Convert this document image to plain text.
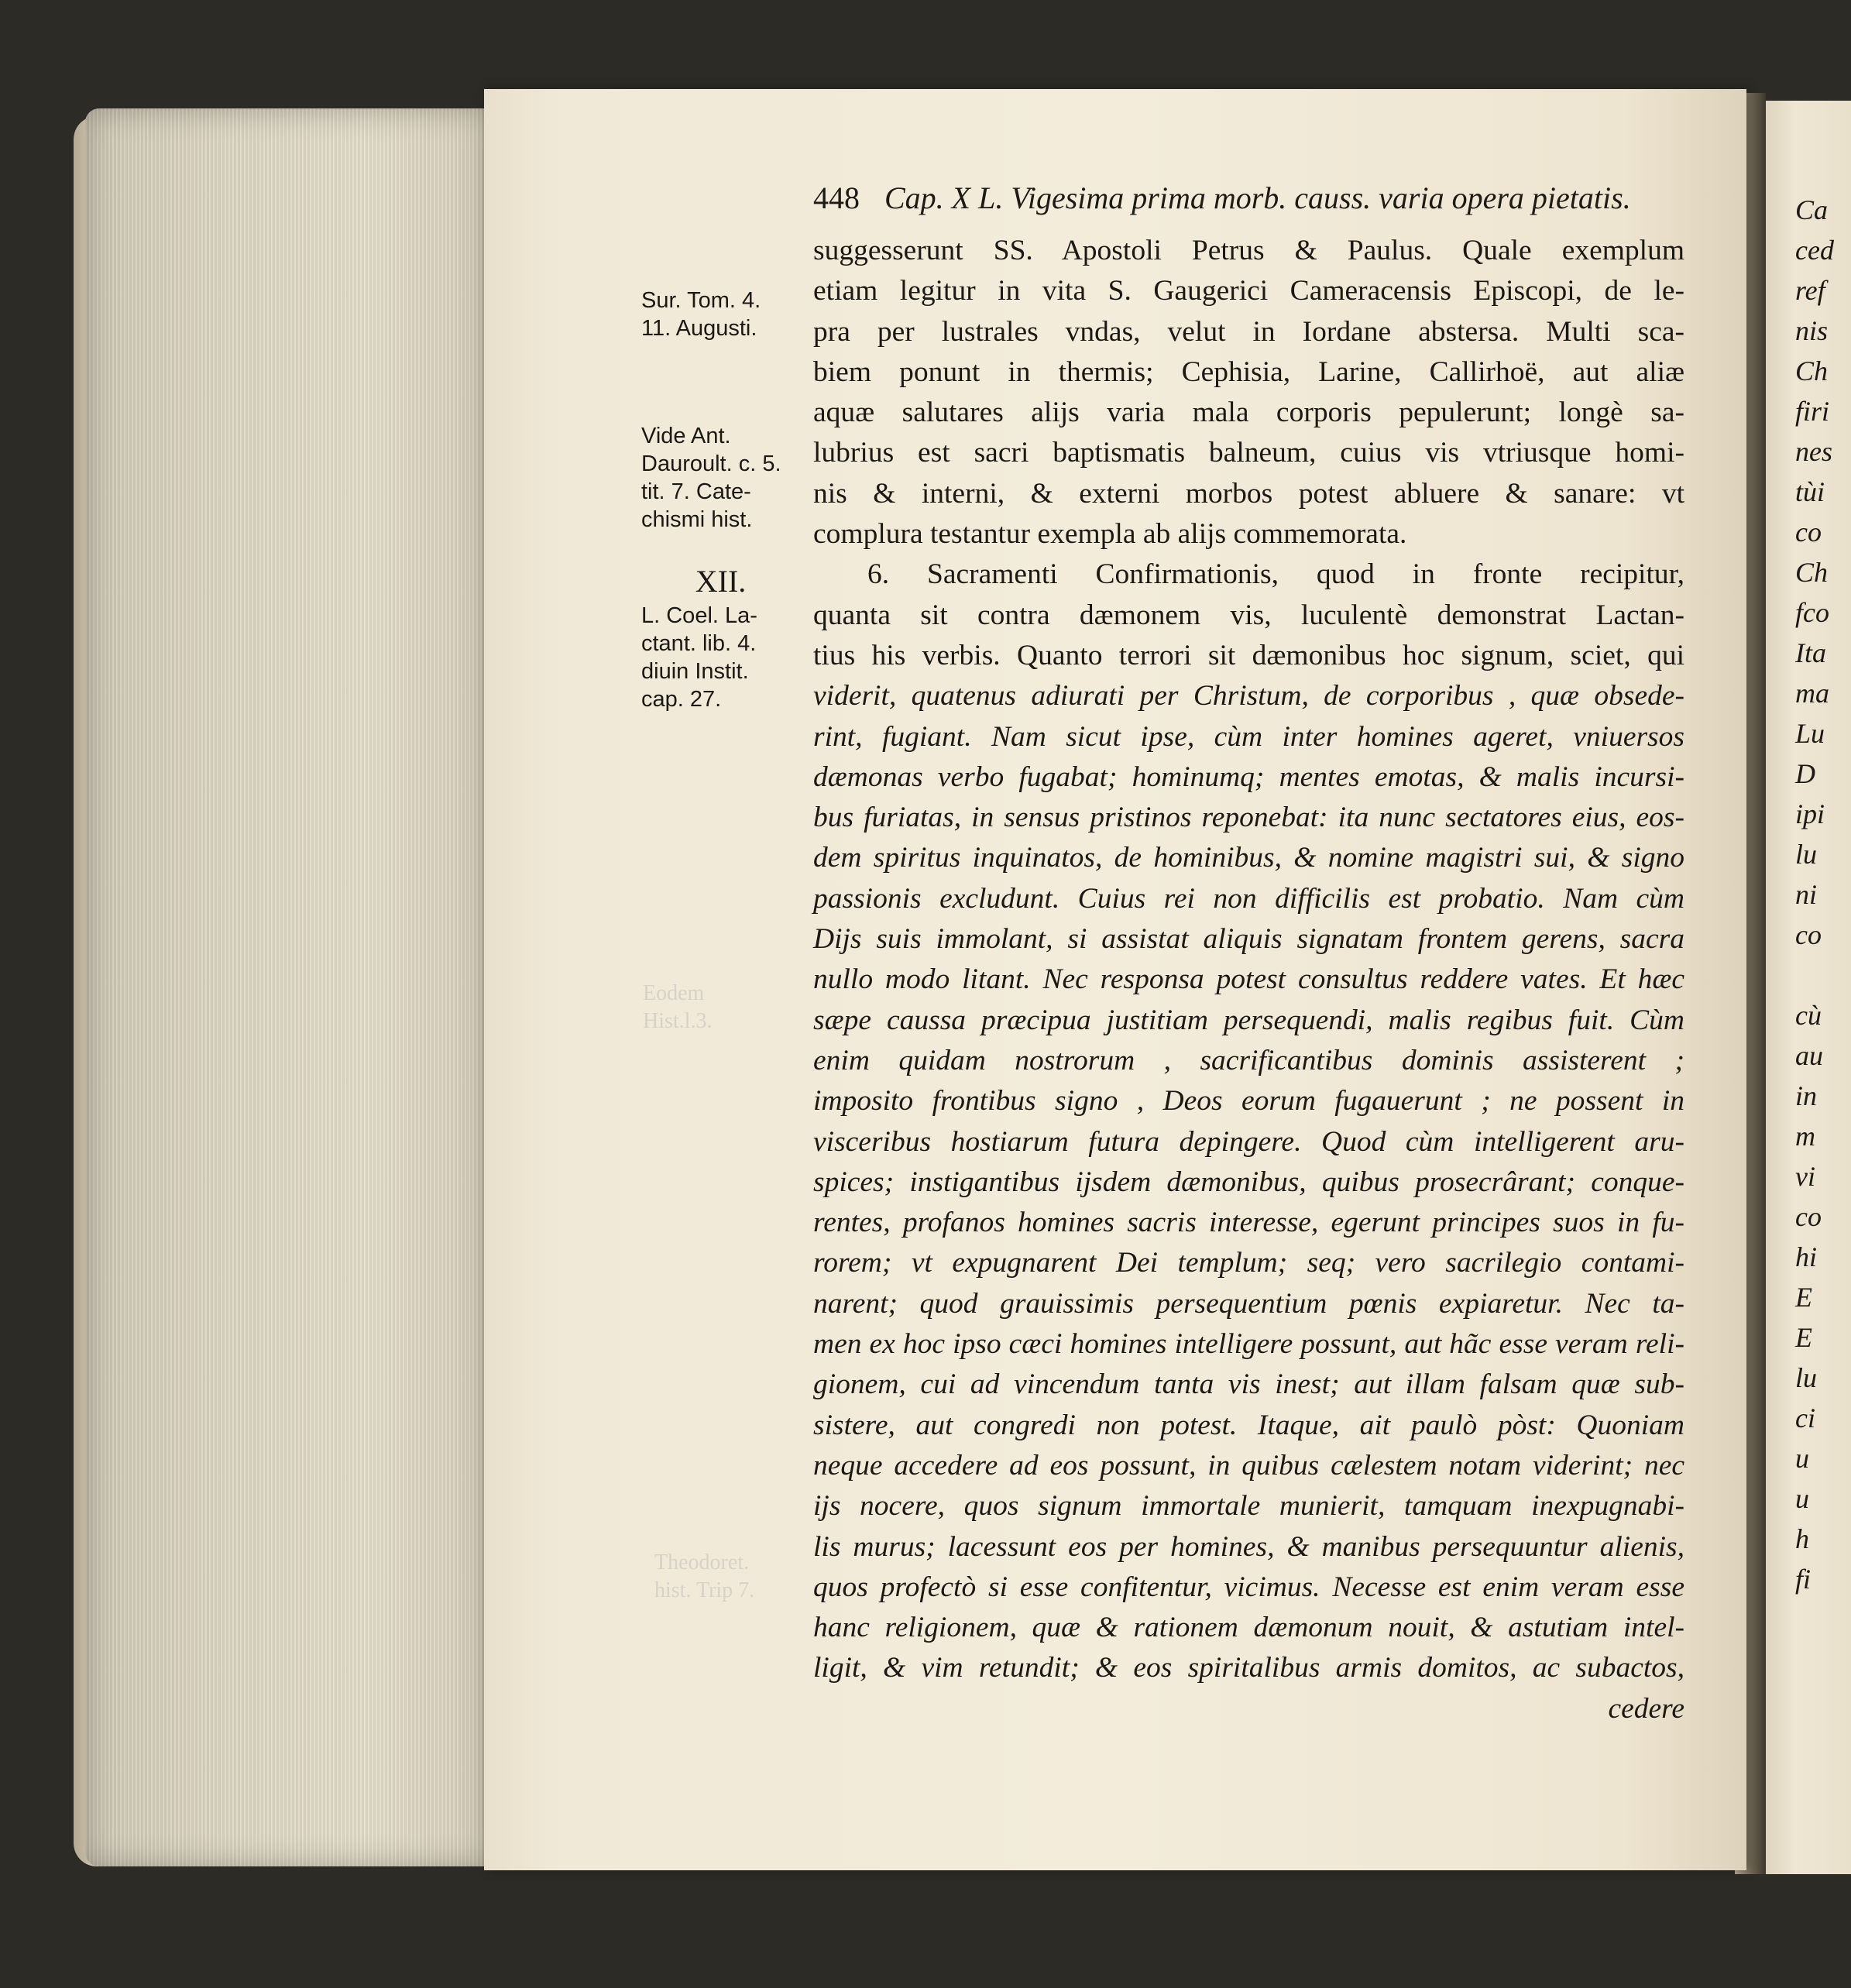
Eodem
Hist.l.3.
Theodoret.
hist. Trip 7.
448 Cap. X L. Vigesima prima morb. causs. varia opera pietatis.
suggesserunt SS. Apostoli Petrus & Paulus. Quale exemplum
etiam legitur in vita S. Gaugerici Cameracensis Episcopi, de le-
pra per lustrales vndas, velut in Iordane abstersa. Multi sca-
biem ponunt in thermis; Cephisia, Larine, Callirhoë, aut aliæ
aquæ salutares alijs varia mala corporis pepulerunt; longè sa-
lubrius est sacri baptismatis balneum, cuius vis vtriusque homi-
nis & interni, & externi morbos potest abluere & sanare: vt
complura testantur exempla ab alijs commemorata.
6. Sacramenti Confirmationis, quod in fronte recipitur,
quanta sit contra dæmonem vis, luculentè demonstrat Lactan-
tius his verbis. Quanto terrori sit dæmonibus hoc signum, sciet, qui
viderit, quatenus adiurati per Christum, de corporibus , quæ obsede-
rint, fugiant. Nam sicut ipse, cùm inter homines ageret, vniuersos
dæmonas verbo fugabat; hominumq; mentes emotas, & malis incursi-
bus furiatas, in sensus pristinos reponebat: ita nunc sectatores eius, eos-
dem spiritus inquinatos, de hominibus, & nomine magistri sui, & signo
passionis excludunt. Cuius rei non difficilis est probatio. Nam cùm
Dijs suis immolant, si assistat aliquis signatam frontem gerens, sacra
nullo modo litant. Nec responsa potest consultus reddere vates. Et hæc
sæpe caussa præcipua justitiam persequendi, malis regibus fuit. Cùm
enim quidam nostrorum , sacrificantibus dominis assisterent ;
imposito frontibus signo , Deos eorum fugauerunt ; ne possent in
visceribus hostiarum futura depingere. Quod cùm intelligerent aru-
spices; instigantibus ijsdem dæmonibus, quibus prosecrârant; conque-
rentes, profanos homines sacris interesse, egerunt principes suos in fu-
rorem; vt expugnarent Dei templum; seq; vero sacrilegio contami-
narent; quod grauissimis persequentium pœnis expiaretur. Nec ta-
men ex hoc ipso cæci homines intelligere possunt, aut hãc esse veram reli-
gionem, cui ad vincendum tanta vis inest; aut illam falsam quæ sub-
sistere, aut congredi non potest. Itaque, ait paulò pòst: Quoniam
neque accedere ad eos possunt, in quibus cælestem notam viderint; nec
ijs nocere, quos signum immortale munierit, tamquam inexpugnabi-
lis murus; lacessunt eos per homines, & manibus persequuntur alienis,
quos profectò si esse confitentur, vicimus. Necesse est enim veram esse
hanc religionem, quæ & rationem dæmonum nouit, & astutiam intel-
ligit, & vim retundit; & eos spiritalibus armis domitos, ac subactos,
cedere
Sur. Tom. 4.
11. Augusti.
Vide Ant.
Dauroult. c. 5.
tit. 7. Cate-
chismi hist.
XII.
L. Coel. La-
ctant. lib. 4.
diuin Instit.
cap. 27.
Ca
ced
ref
nis
Ch
firi
nes
tùi
co
Ch
fco
Ita
ma
Lu
D
ipi
lu
ni
co

cù
au
in
m
vi
co
hi
E
E
lu
ci
u
u
h
fi
